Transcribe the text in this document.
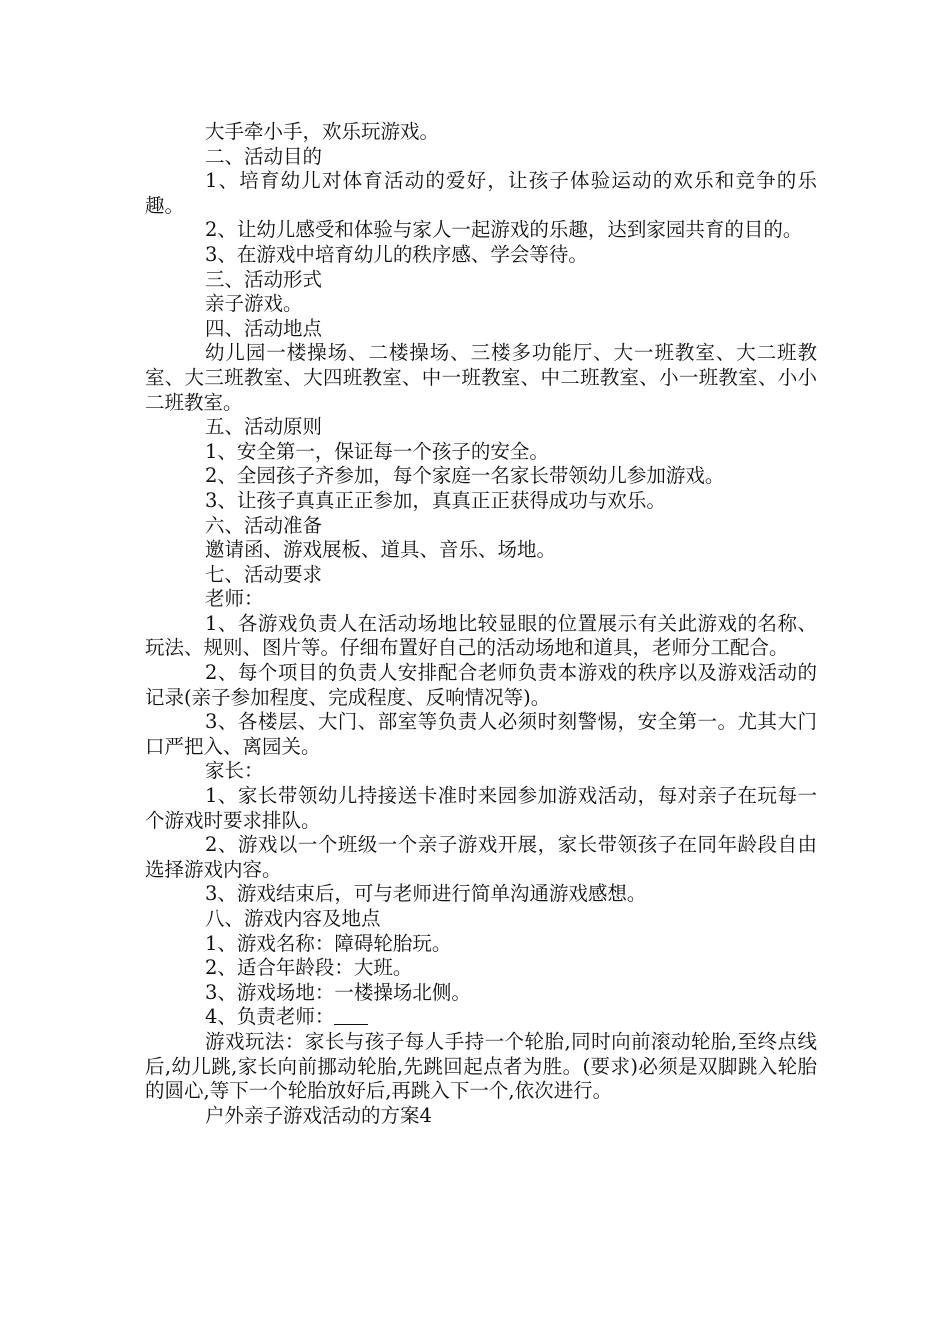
大手牵小手，欢乐玩游戏。

二、活动目的

1、培育幼儿对体育活动的爱好，让孩子体验运动的欢乐和竞争的乐趣。

2、让幼儿感受和体验与家人一起游戏的乐趣，达到家园共育的目的。

3、在游戏中培育幼儿的秩序感、学会等待。

三、活动形式

亲子游戏。

四、活动地点

幼儿园一楼操场、二楼操场、三楼多功能厅、大一班教室、大二班教室、大三班教室、大四班教室、中一班教室、中二班教室、小一班教室、小小二班教室。

五、活动原则

1、安全第一，保证每一个孩子的安全。

2、全园孩子齐参加，每个家庭一名家长带领幼儿参加游戏。

3、让孩子真真正正参加，真真正正获得成功与欢乐。

六、活动准备

邀请函、游戏展板、道具、音乐、场地。

七、活动要求

老师：

1、各游戏负责人在活动场地比较显眼的位置展示有关此游戏的名称、玩法、规则、图片等。仔细布置好自己的活动场地和道具，老师分工配合。

2、每个项目的负责人安排配合老师负责本游戏的秩序以及游戏活动的记录(亲子参加程度、完成程度、反响情况等)。

3、各楼层、大门、部室等负责人必须时刻警惕，安全第一。尤其大门口严把入、离园关。

家长：

1、家长带领幼儿持接送卡准时来园参加游戏活动，每对亲子在玩每一个游戏时要求排队。

2、游戏以一个班级一个亲子游戏开展，家长带领孩子在同年龄段自由选择游戏内容。

3、游戏结束后，可与老师进行简单沟通游戏感想。

八、游戏内容及地点

1、游戏名称：障碍轮胎玩。

2、适合年龄段：大班。

3、游戏场地：一楼操场北侧。

4、负责老师：

游戏玩法：家长与孩子每人手持一个轮胎,同时向前滚动轮胎,至终点线后,幼儿跳,家长向前挪动轮胎,先跳回起点者为胜。(要求)必须是双脚跳入轮胎的圆心,等下一个轮胎放好后,再跳入下一个,依次进行。

户外亲子游戏活动的方案4
